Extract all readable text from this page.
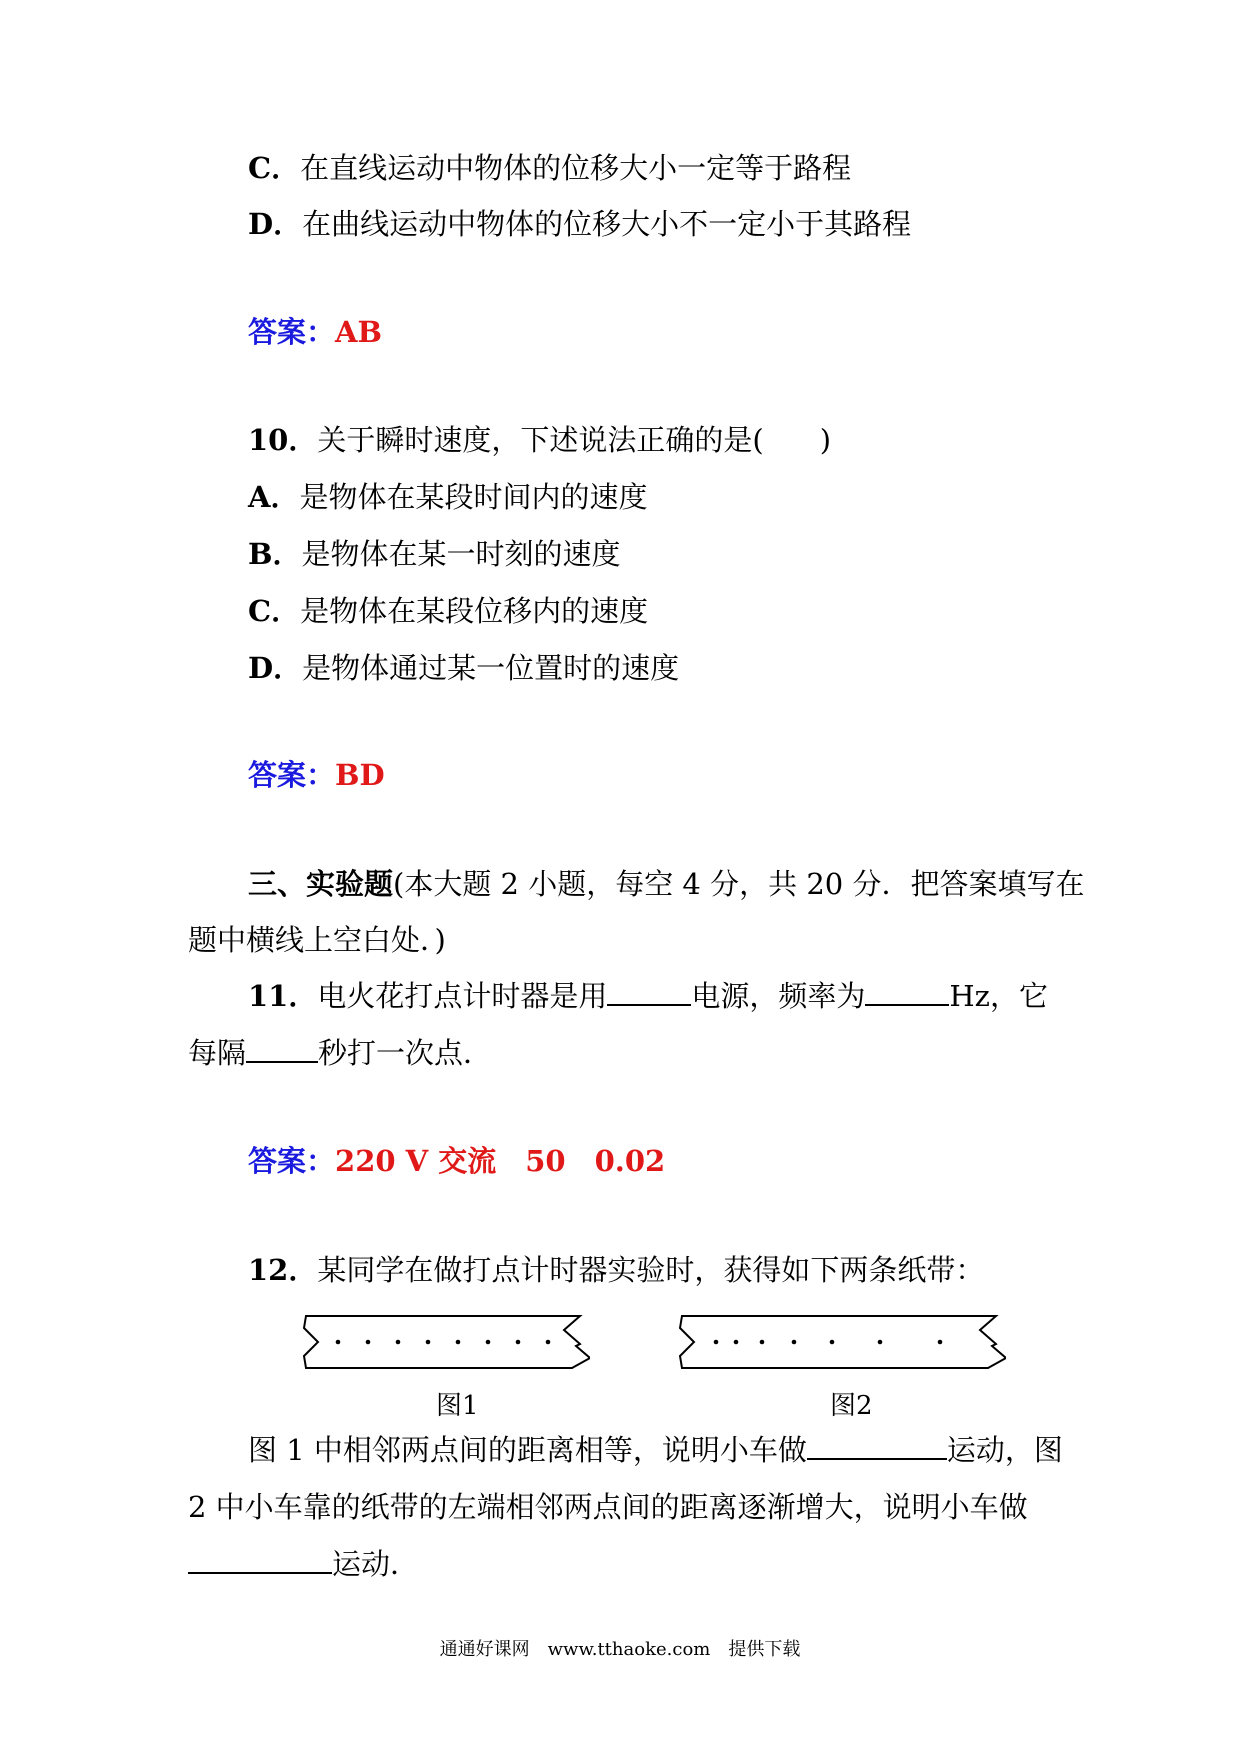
C．在直线运动中物体的位移大小一定等于路程
D．在曲线运动中物体的位移大小不一定小于其路程
答案：AB
10．关于瞬时速度，下述说法正确的是( )
A．是物体在某段时间内的速度
B．是物体在某一时刻的速度
C．是物体在某段位移内的速度
D．是物体通过某一位置时的速度
答案：BD
三、实验题(本大题 2 小题，每空 4 分，共 20 分．把答案填写在
题中横线上空白处．)
11．电火花打点计时器是用	电源，频率为	Hz，它
每隔 秒打一次点．
答案：220 V 交流　50　0.02
12．某同学在做打点计时器实验时，获得如下两条纸带：
图1	图2
图 1 中相邻两点间的距离相等，说明小车做	运动，图
2 中小车靠的纸带的左端相邻两点间的距离逐渐增大，说明小车做
运动．
通通好课网　www.tthaoke.com　提供下载
